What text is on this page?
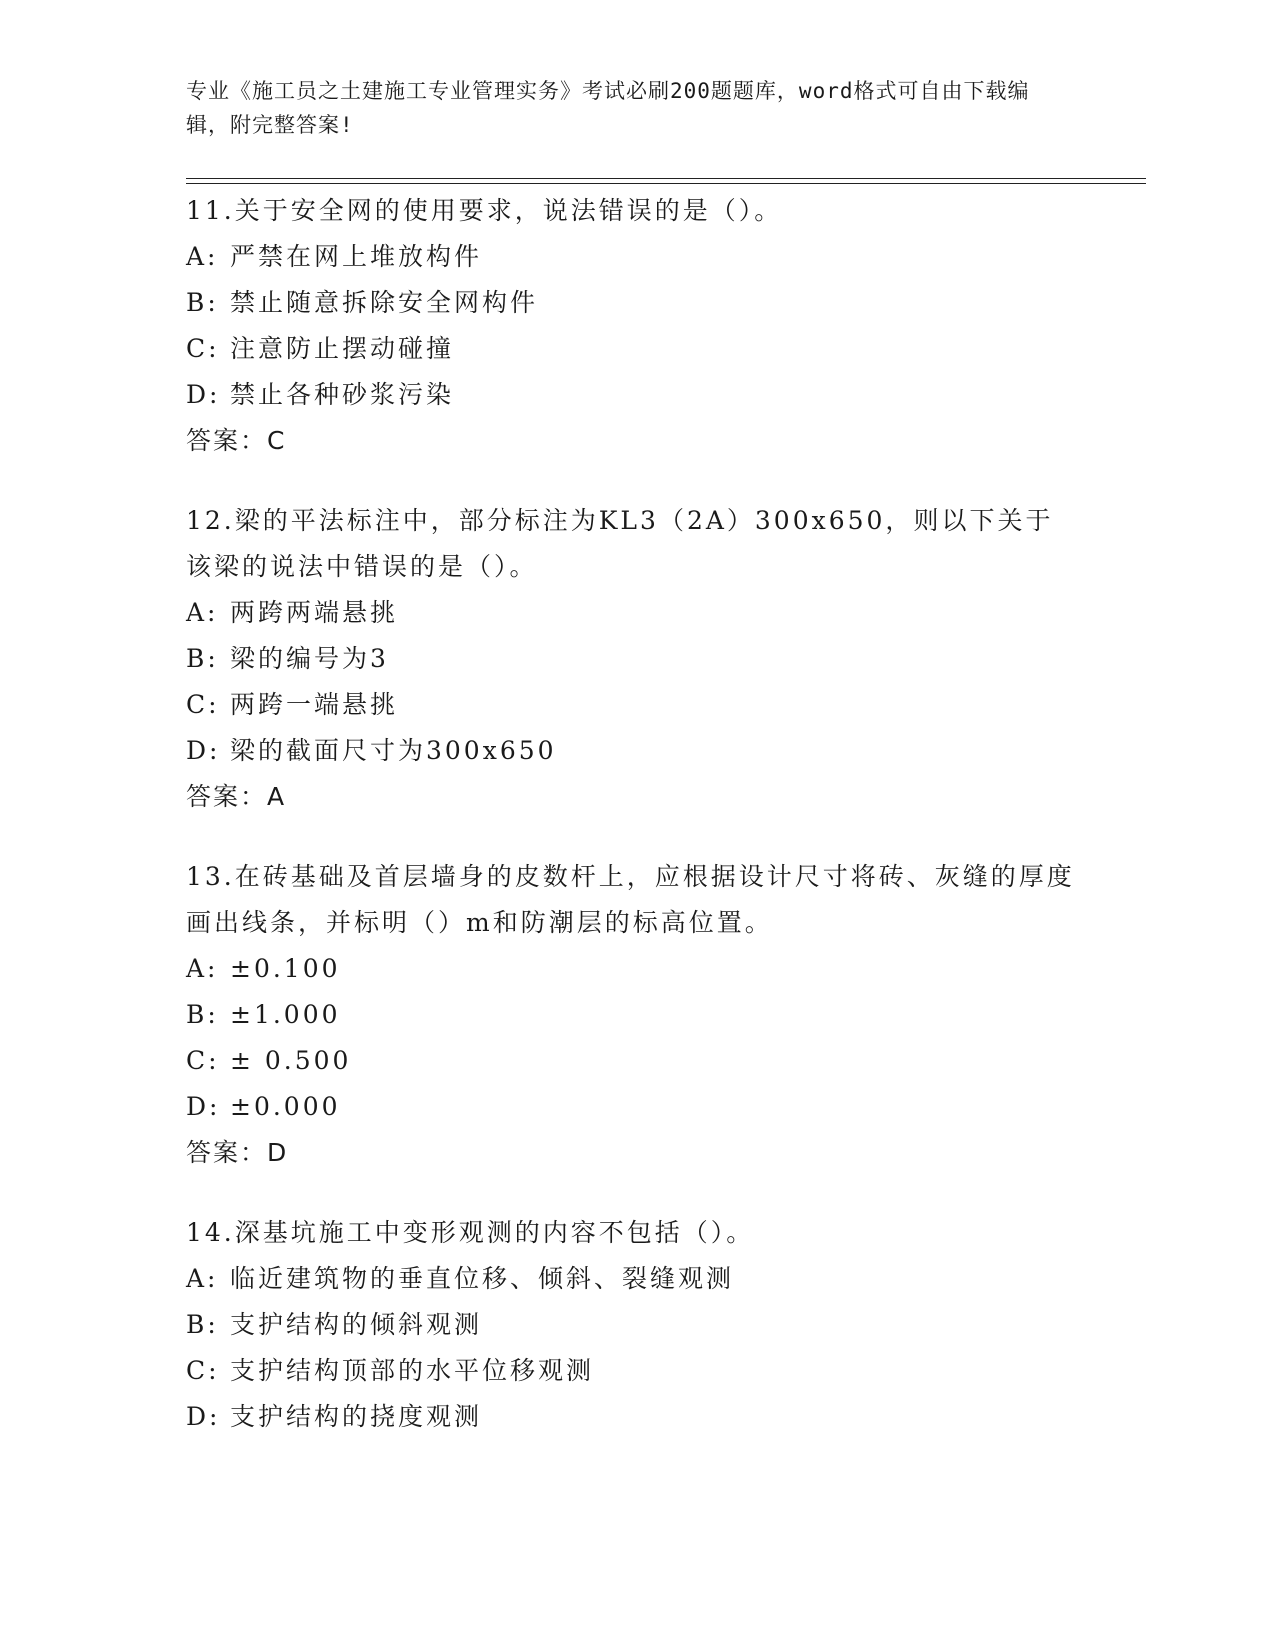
专业《施工员之土建施工专业管理实务》考试必刷200题题库，word格式可自由下载编辑，附完整答案!
11.关于安全网的使用要求，说法错误的是（）。
A: 严禁在网上堆放构件
B: 禁止随意拆除安全网构件
C: 注意防止摆动碰撞
D: 禁止各种砂浆污染
答案：C
12.梁的平法标注中，部分标注为KL3（2A）300x650，则以下关于该梁的说法中错误的是（）。
A: 两跨两端悬挑
B: 梁的编号为3
C: 两跨一端悬挑
D: 梁的截面尺寸为300x650
答案：A
13.在砖基础及首层墙身的皮数杆上，应根据设计尺寸将砖、灰缝的厚度画出线条，并标明（）m和防潮层的标高位置。
A: ±0.100
B: ±1.000
C: ± 0.500
D: ±0.000
答案：D
14.深基坑施工中变形观测的内容不包括（）。
A: 临近建筑物的垂直位移、倾斜、裂缝观测
B: 支护结构的倾斜观测
C: 支护结构顶部的水平位移观测
D: 支护结构的挠度观测
